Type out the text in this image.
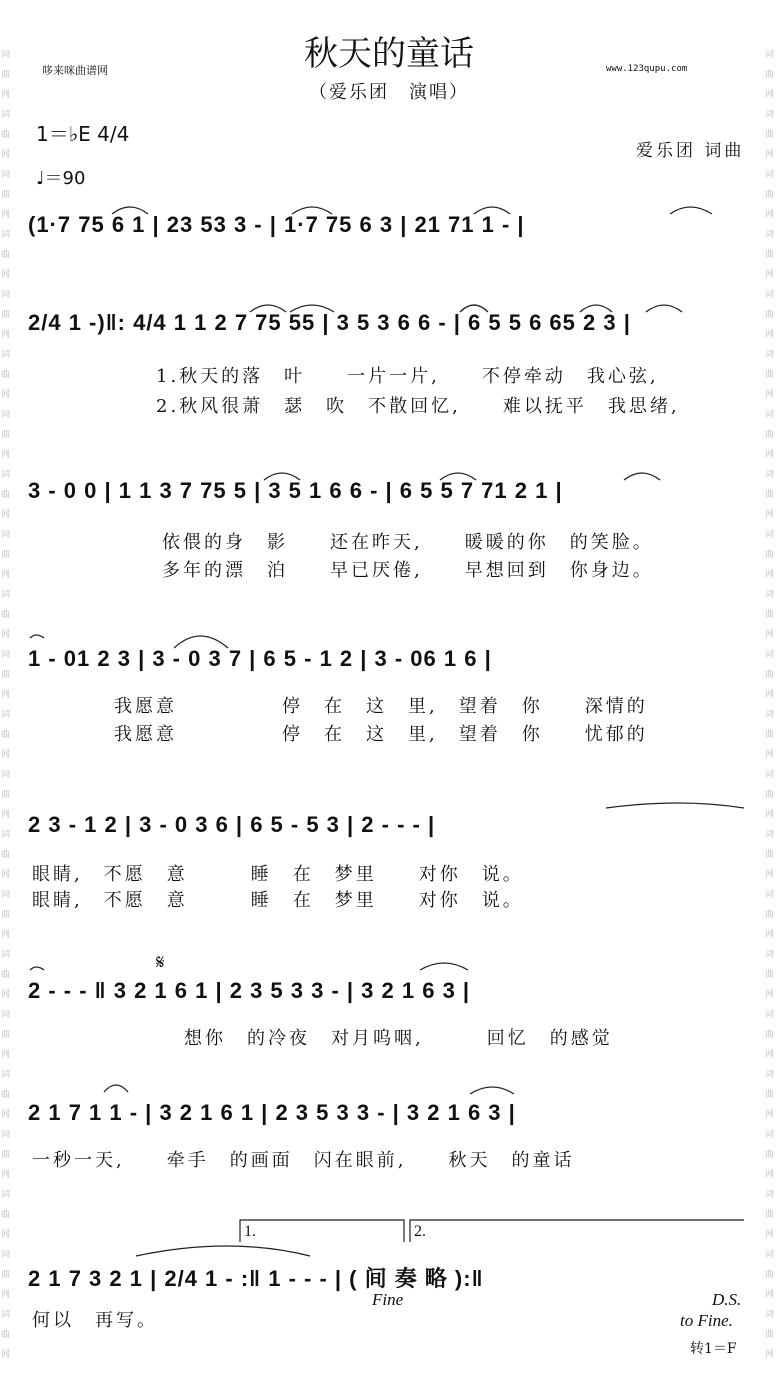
词
曲
网
词
曲
网
词
曲
网
词
曲
网
词
曲
网
词
曲
网
词
曲
网
词
曲
网
词
曲
网
词
曲
网
词
曲
网
词
曲
网
词
曲
网
词
曲
网
词
曲
网
词
曲
网
词
曲
网
词
曲
网
词
曲
网
词
曲
网
词
曲
网
词
曲
网
词
曲
网
词
曲
网
词
曲
网
词
曲
网
词
曲
网
词
曲
网
词
曲
网
词
曲
网
词
曲
网
词
曲
网
词
曲
网
词
曲
网
词
曲
网
词
曲
网
词
曲
网
词
曲
网
词
曲
网
词
曲
网
词
曲
网
词
曲
网
词
曲
网
词
曲
网
秋天的童话
（爱乐团　演唱）
哆来咪曲谱网	www.123qupu.com
1＝♭E 4/4
♩＝90
爱乐团 词曲
(1·7 75 6 1 | 23 53 3 - | 1·7 75 6 3 | 21 71 1 - |
2/4 1 -)‖: 4/4 1 1 2 7 75 55 | 3 5 3 6 6 - | 6 5 5 6 65 2 3 |
1.秋天的落　叶　　一片一片,　　不停牵动　我心弦,
2.秋风很萧　瑟　吹　不散回忆,　　难以抚平　我思绪,
3 - 0 0 | 1 1 3 7 75 5 | 3 5 1 6 6 - | 6 5 5 7 71 2 1 |
依偎的身　影　　还在昨天,　　暖暖的你　的笑脸。
多年的漂　泊　　早已厌倦,　　早想回到　你身边。
1 - 01 2 3 | 3 - 0 3 7 | 6 5 - 1 2 | 3 - 06 1 6 |
我愿意　　　　　停　在　这　里,　望着　你　　深情的
我愿意　　　　　停　在　这　里,　望着　你　　忧郁的
2 3 - 1 2 | 3 - 0 3 6 | 6 5 - 5 3 | 2 - - - |
眼睛,　不愿　意　　　睡　在　梦里　　对你　说。
眼睛,　不愿　意　　　睡　在　梦里　　对你　说。
𝄋
2 - - - ‖ 3 2 1 6 1 | 2 3 5 3 3 - | 3 2 1 6 3 |
想你　的冷夜　对月呜咽,　　　回忆　的感觉
2 1 7 1 1 - | 3 2 1 6 1 | 2 3 5 3 3 - | 3 2 1 6 3 |
一秒一天,　　牵手　的画面　闪在眼前,　　秋天　的童话
1.	2.
2 1 7 3 2 1 | 2/4 1 - :‖ 1 - - - | ( 间 奏 略 ):‖
何以　再写。
Fine	D.S.
to Fine.
转1＝F
